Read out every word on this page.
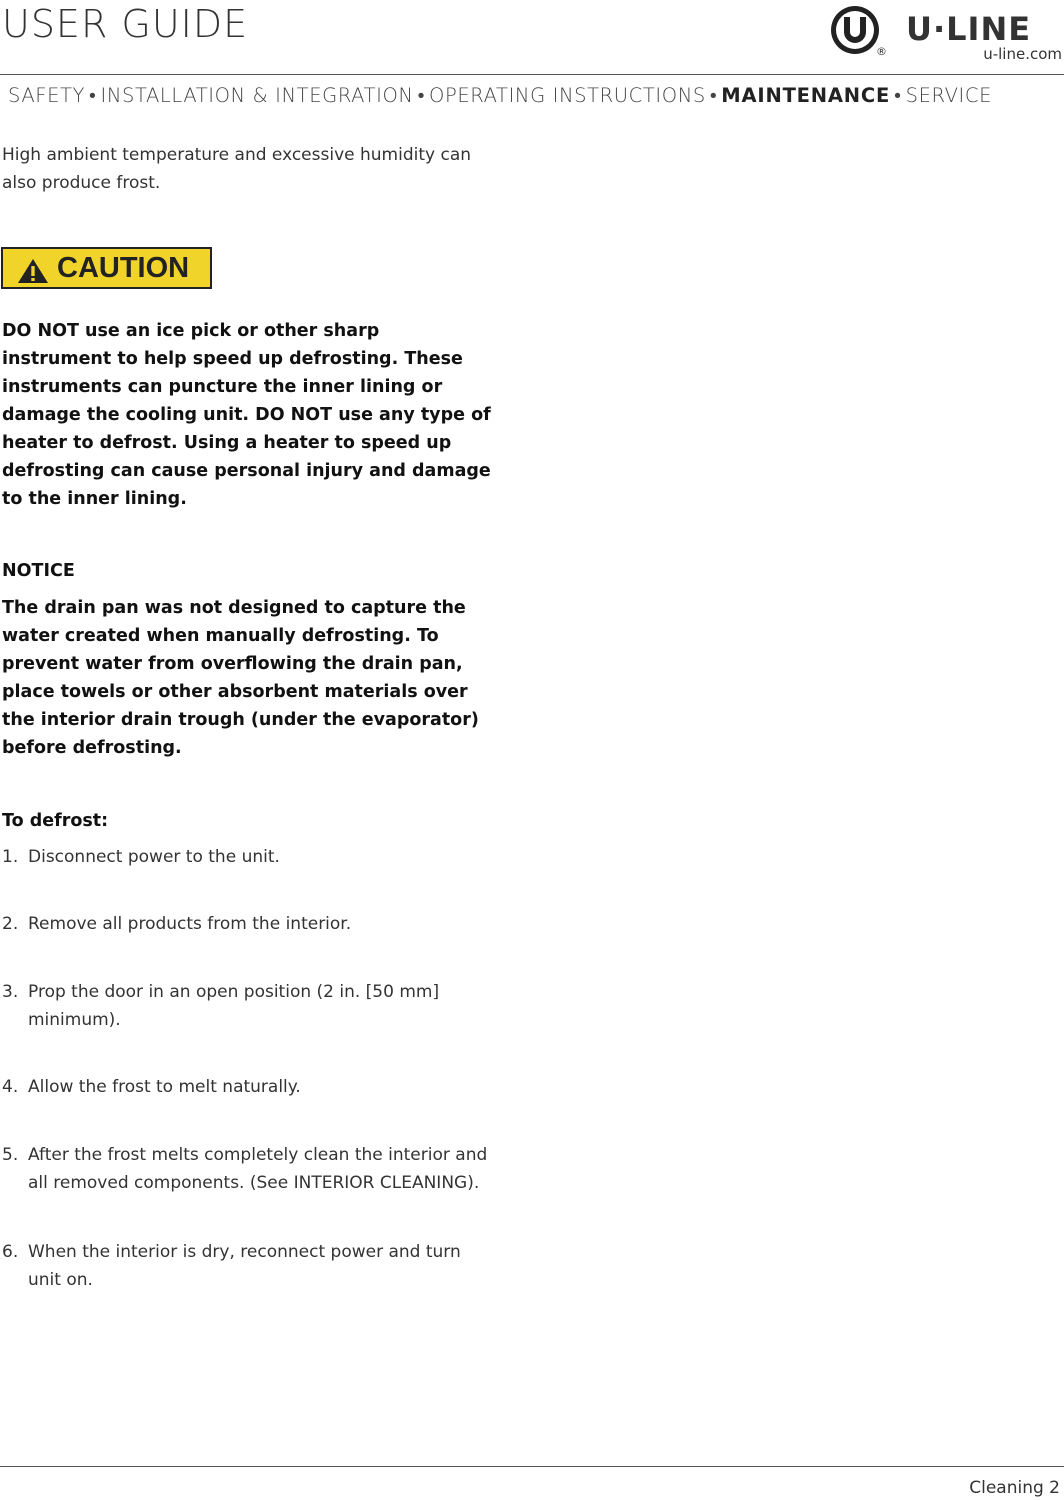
USER GUIDE
®
U·LINE
u-line.com
SAFETY • INSTALLATION & INTEGRATION • OPERATING INSTRUCTIONS • MAINTENANCE • SERVICE
High ambient temperature and excessive humidity can also produce frost.
CAUTION
DO NOT use an ice pick or other sharp instrument to help speed up defrosting. These instruments can puncture the inner lining or damage the cooling unit. DO NOT use any type of heater to defrost. Using a heater to speed up defrosting can cause personal injury and damage to the inner lining.
NOTICE
The drain pan was not designed to capture the water created when manually defrosting. To prevent water from overflowing the drain pan, place towels or other absorbent materials over the interior drain trough (under the evaporator) before defrosting.
To defrost:
1. Disconnect power to the unit.
2. Remove all products from the interior.
3. Prop the door in an open position (2 in. [50 mm] minimum).
4. Allow the frost to melt naturally.
5. After the frost melts completely clean the interior and all removed components. (See INTERIOR CLEANING).
6. When the interior is dry, reconnect power and turn unit on.
Cleaning 2
